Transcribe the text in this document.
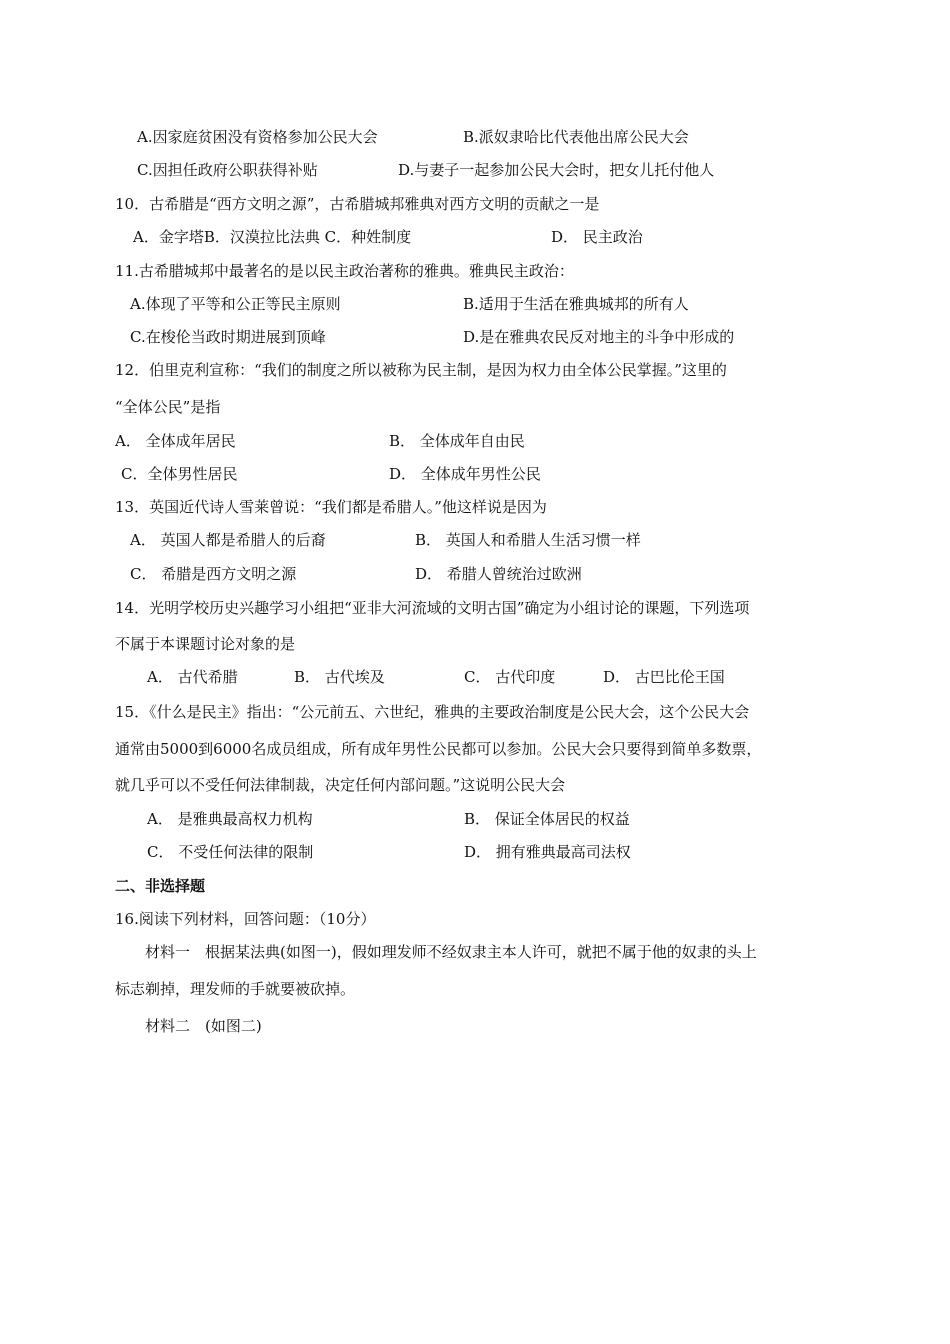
A.因家庭贫困没有资格参加公民大会	B.派奴隶哈比代表他出席公民大会
C.因担任政府公职获得补贴	D.与妻子一起参加公民大会时，把女儿托付他人
10．古希腊是“西方文明之源”，古希腊城邦雅典对西方文明的贡献之一是
A．金字塔B．汉漠拉比法典 C．种姓制度	D． 民主政治
11.古希腊城邦中最著名的是以民主政治著称的雅典。雅典民主政治：
A.体现了平等和公正等民主原则	B.适用于生活在雅典城邦的所有人
C.在梭伦当政时期进展到顶峰	D.是在雅典农民反对地主的斗争中形成的
12．伯里克利宣称：“我们的制度之所以被称为民主制，是因为权力由全体公民掌握。”这里的
“全体公民”是指
A． 全体成年居民	B． 全体成年自由民
C．全体男性居民	D． 全体成年男性公民
13．英国近代诗人雪莱曾说：“我们都是希腊人。”他这样说是因为
A． 英国人都是希腊人的后裔	B． 英国人和希腊人生活习惯一样
C． 希腊是西方文明之源	D． 希腊人曾统治过欧洲
14．光明学校历史兴趣学习小组把“亚非大河流域的文明古国”确定为小组讨论的课题，下列选项
不属于本课题讨论对象的是
A． 古代希腊	B． 古代埃及	C． 古代印度	D． 古巴比伦王国
15．《什么是民主》指出：“公元前五、六世纪，雅典的主要政治制度是公民大会，这个公民大会
通常由5000到6000名成员组成，所有成年男性公民都可以参加。公民大会只要得到简单多数票，
就几乎可以不受任何法律制裁，决定任何内部问题。”这说明公民大会
A． 是雅典最高权力机构	B． 保证全体居民的权益
C． 不受任何法律的限制	D． 拥有雅典最高司法权
二、非选择题
16.阅读下列材料，回答问题：（10分）
材料一　根据某法典(如图一)，假如理发师不经奴隶主本人许可，就把不属于他的奴隶的头上
标志剃掉，理发师的手就要被砍掉。
材料二　(如图二)
